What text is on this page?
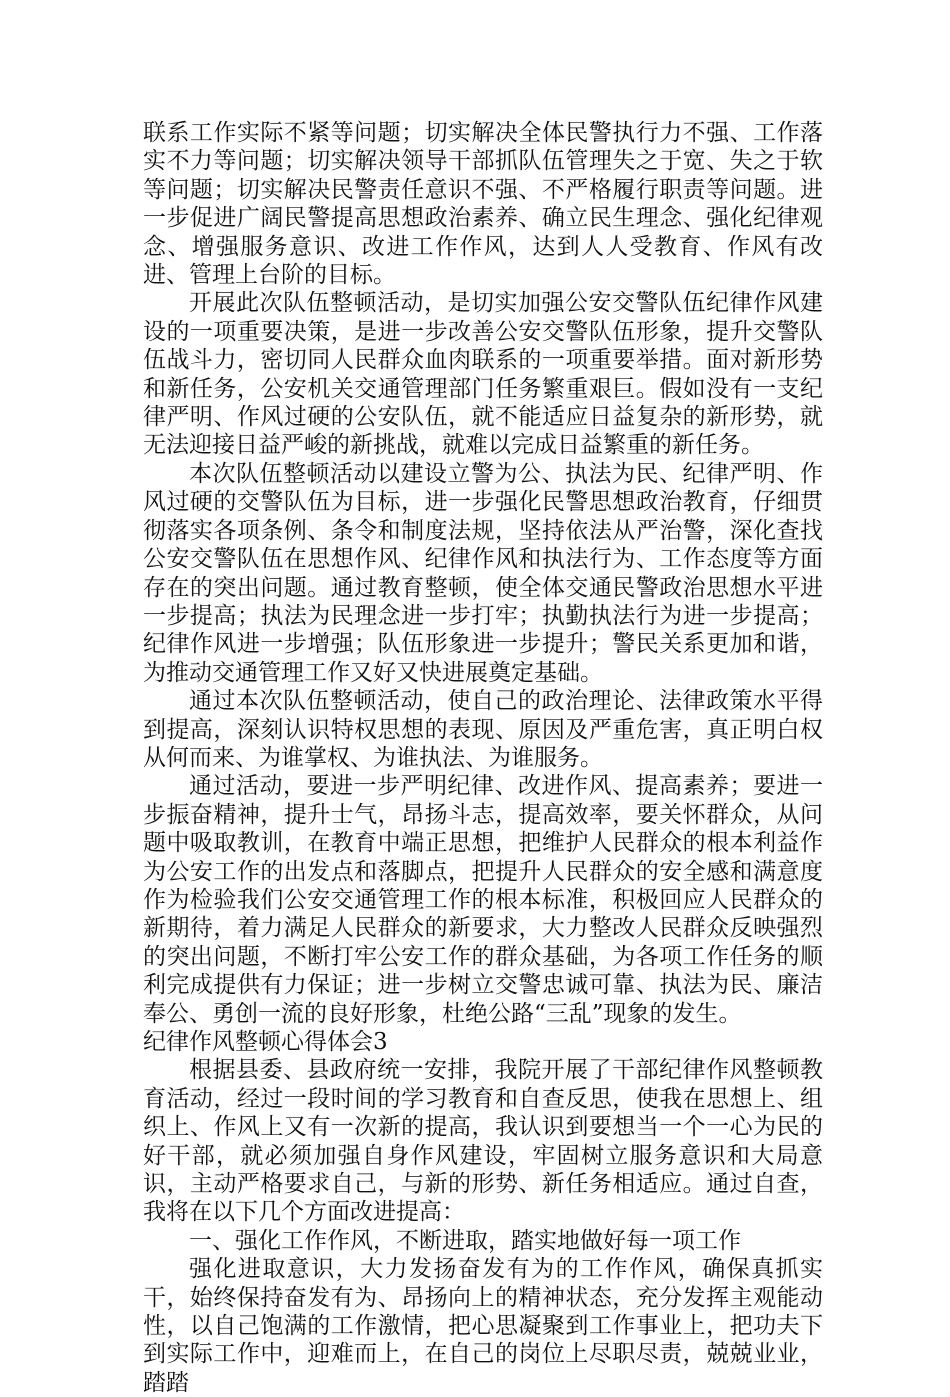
联系工作实际不紧等问题；切实解决全体民警执行力不强、工作落实不力等问题；切实解决领导干部抓队伍管理失之于宽、失之于软等问题；切实解决民警责任意识不强、不严格履行职责等问题。进一步促进广阔民警提高思想政治素养、确立民生理念、强化纪律观念、增强服务意识、改进工作作风，达到人人受教育、作风有改进、管理上台阶的目标。

开展此次队伍整顿活动，是切实加强公安交警队伍纪律作风建设的一项重要决策，是进一步改善公安交警队伍形象，提升交警队伍战斗力，密切同人民群众血肉联系的一项重要举措。面对新形势和新任务，公安机关交通管理部门任务繁重艰巨。假如没有一支纪律严明、作风过硬的公安队伍，就不能适应日益复杂的新形势，就无法迎接日益严峻的新挑战，就难以完成日益繁重的新任务。

本次队伍整顿活动以建设立警为公、执法为民、纪律严明、作风过硬的交警队伍为目标，进一步强化民警思想政治教育，仔细贯彻落实各项条例、条令和制度法规，坚持依法从严治警，深化查找公安交警队伍在思想作风、纪律作风和执法行为、工作态度等方面存在的突出问题。通过教育整顿，使全体交通民警政治思想水平进一步提高；执法为民理念进一步打牢；执勤执法行为进一步提高；纪律作风进一步增强；队伍形象进一步提升；警民关系更加和谐，为推动交通管理工作又好又快进展奠定基础。

通过本次队伍整顿活动，使自己的政治理论、法律政策水平得到提高，深刻认识特权思想的表现、原因及严重危害，真正明白权从何而来、为谁掌权、为谁执法、为谁服务。

通过活动，要进一步严明纪律、改进作风、提高素养；要进一步振奋精神，提升士气，昂扬斗志，提高效率，要关怀群众，从问题中吸取教训，在教育中端正思想，把维护人民群众的根本利益作为公安工作的出发点和落脚点，把提升人民群众的安全感和满意度作为检验我们公安交通管理工作的根本标准，积极回应人民群众的新期待，着力满足人民群众的新要求，大力整改人民群众反映强烈的突出问题，不断打牢公安工作的群众基础，为各项工作任务的顺利完成提供有力保证；进一步树立交警忠诚可靠、执法为民、廉洁奉公、勇创一流的良好形象，杜绝公路“三乱”现象的发生。

纪律作风整顿心得体会3

根据县委、县政府统一安排，我院开展了干部纪律作风整顿教育活动，经过一段时间的学习教育和自查反思，使我在思想上、组织上、作风上又有一次新的提高，我认识到要想当一个一心为民的好干部，就必须加强自身作风建设，牢固树立服务意识和大局意识，主动严格要求自己，与新的形势、新任务相适应。通过自查，我将在以下几个方面改进提高：

一、强化工作作风，不断进取，踏实地做好每一项工作

强化进取意识，大力发扬奋发有为的工作作风，确保真抓实干，始终保持奋发有为、昂扬向上的精神状态，充分发挥主观能动性，以自己饱满的工作激情，把心思凝聚到工作事业上，把功夫下到实际工作中，迎难而上，在自己的岗位上尽职尽责，兢兢业业，踏踏
